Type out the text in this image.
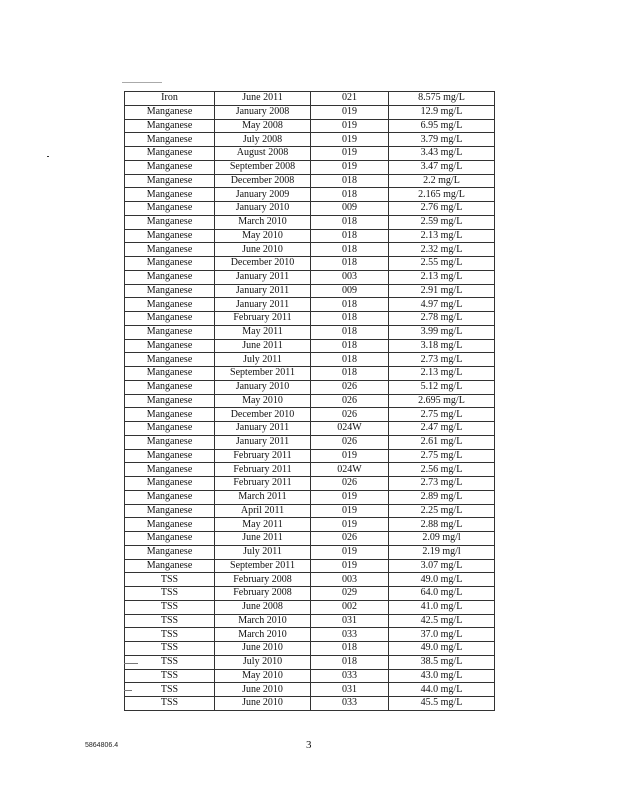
Iron	June 2011	021	8.575 mg/L
Manganese	January 2008	019	12.9 mg/L
Manganese	May 2008	019	6.95 mg/L
Manganese	July 2008	019	3.79 mg/L
Manganese	August 2008	019	3.43 mg/L
Manganese	September 2008	019	3.47 mg/L
Manganese	December 2008	018	2.2 mg/L
Manganese	January 2009	018	2.165 mg/L
Manganese	January 2010	009	2.76 mg/L
Manganese	March 2010	018	2.59 mg/L
Manganese	May 2010	018	2.13 mg/L
Manganese	June 2010	018	2.32 mg/L
Manganese	December 2010	018	2.55 mg/L
Manganese	January 2011	003	2.13 mg/L
Manganese	January 2011	009	2.91 mg/L
Manganese	January 2011	018	4.97 mg/L
Manganese	February 2011	018	2.78 mg/L
Manganese	May 2011	018	3.99 mg/L
Manganese	June 2011	018	3.18 mg/L
Manganese	July 2011	018	2.73 mg/L
Manganese	September 2011	018	2.13 mg/L
Manganese	January 2010	026	5.12 mg/L
Manganese	May 2010	026	2.695 mg/L
Manganese	December 2010	026	2.75 mg/L
Manganese	January 2011	024W	2.47 mg/L
Manganese	January 2011	026	2.61 mg/L
Manganese	February 2011	019	2.75 mg/L
Manganese	February 2011	024W	2.56 mg/L
Manganese	February 2011	026	2.73 mg/L
Manganese	March 2011	019	2.89 mg/L
Manganese	April 2011	019	2.25 mg/L
Manganese	May 2011	019	2.88 mg/L
Manganese	June 2011	026	2.09 mg/l
Manganese	July 2011	019	2.19 mg/l
Manganese	September 2011	019	3.07 mg/L
TSS	February 2008	003	49.0 mg/L
TSS	February 2008	029	64.0 mg/L
TSS	June 2008	002	41.0 mg/L
TSS	March 2010	031	42.5 mg/L
TSS	March 2010	033	37.0 mg/L
TSS	June 2010	018	49.0 mg/L
TSS	July 2010	018	38.5 mg/L
TSS	May 2010	033	43.0 mg/L
TSS	June 2010	031	44.0 mg/L
TSS	June 2010	033	45.5 mg/L
5864806.4	3
